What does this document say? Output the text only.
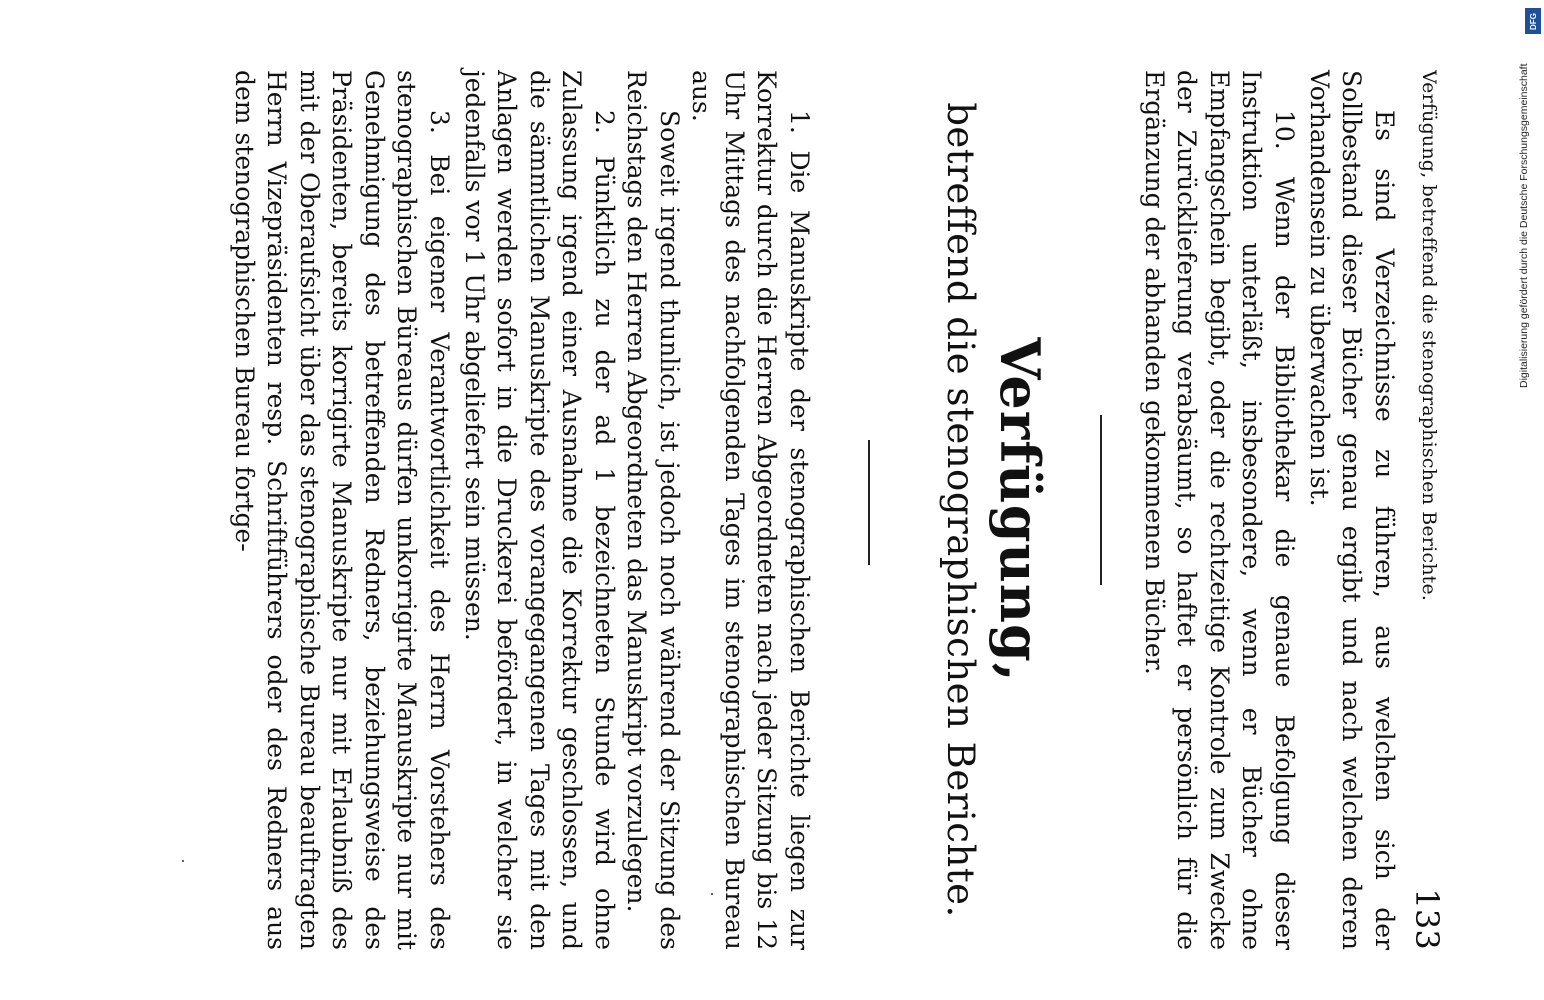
Verfügung, betreffend die stenographischen Berichte.
133
Es sind Verzeichnisse zu führen, aus welchen sich der Sollbestand dieser Bücher genau ergibt und nach welchen deren Vorhandensein zu überwachen ist.
10. Wenn der Bibliothekar die genaue Befolgung dieser Instruktion unterläßt, insbesondere, wenn er Bücher ohne Empfangschein begibt, oder die rechtzeitige Kontrole zum Zwecke der Zurücklieferung verabsäumt, so haftet er persönlich für die Ergänzung der abhanden gekommenen Bücher.
Verfügung,
betreffend die stenographischen Berichte.
1. Die Manuskripte der stenographischen Berichte liegen zur Korrektur durch die Herren Abgeordneten nach jeder Sitzung bis 12 Uhr Mittags des nachfolgenden Tages im stenographischen Bureau aus.
Soweit irgend thunlich, ist jedoch noch während der Sitzung des Reichstags den Herren Abgeordneten das Manuskript vorzulegen.
2. Pünktlich zu der ad 1 bezeichneten Stunde wird ohne Zulassung irgend einer Ausnahme die Korrektur geschlossen, und die sämmtlichen Manuskripte des vorangegangenen Tages mit den Anlagen werden sofort in die Druckerei befördert, in welcher sie jedenfalls vor 1 Uhr abgeliefert sein müssen.
3. Bei eigener Verantwortlichkeit des Herrn Vorstehers des stenographischen Büreaus dürfen unkorrigirte Manuskripte nur mit Genehmigung des betreffenden Redners, beziehungsweise des Präsidenten, bereits korrigirte Manuskripte nur mit Erlaubniß des mit der Oberaufsicht über das stenographische Bureau beauftragten Herrn Vizepräsidenten resp. Schriftführers oder des Redners aus dem stenographischen Bureau fortge-	Digitalisierung gefördert durch die Deutsche Forschungsgemeinschaft
DFG
